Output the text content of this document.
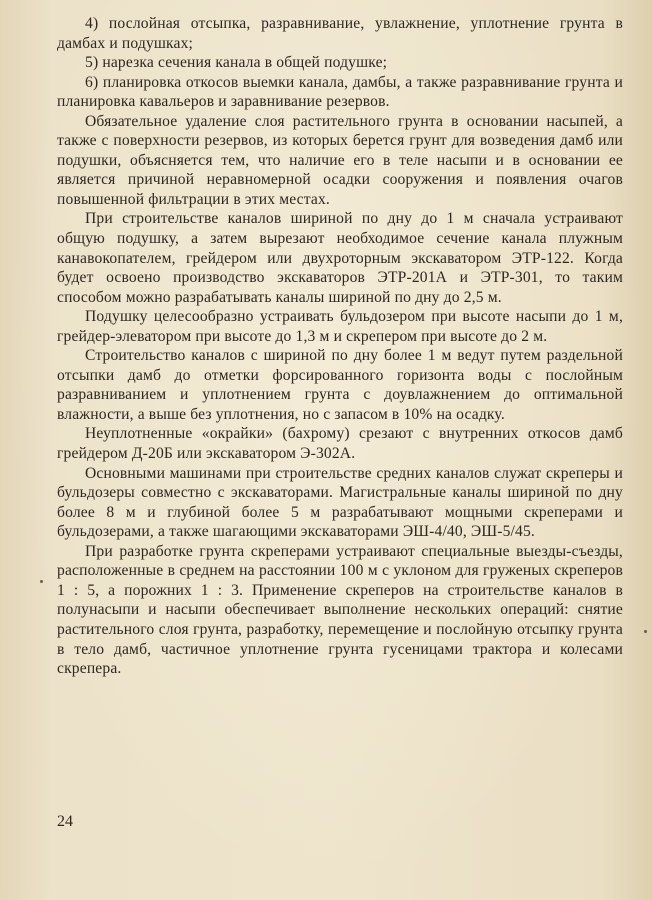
4) послойная отсыпка, разравнивание, увлажнение, уплотнение грунта в дамбах и подушках;

5) нарезка сечения канала в общей подушке;

6) планировка откосов выемки канала, дамбы, а также разравнивание грунта и планировка кавальеров и заравнивание резервов.

Обязательное удаление слоя растительного грунта в основании насыпей, а также с поверхности резервов, из которых берется грунт для возведения дамб или подушки, объясняется тем, что наличие его в теле насыпи и в основании ее является причиной неравномерной осадки сооружения и появления очагов повышенной фильтрации в этих местах.

При строительстве каналов шириной по дну до 1 м сначала устраивают общую подушку, а затем вырезают необходимое сечение канала плужным канавокопателем, грейдером или двухроторным экскаватором ЭТР-122. Когда будет освоено производство экскаваторов ЭТР-201А и ЭТР-301, то таким способом можно разрабатывать каналы шириной по дну до 2,5 м.

Подушку целесообразно устраивать бульдозером при высоте насыпи до 1 м, грейдер-элеватором при высоте до 1,3 м и скрепером при высоте до 2 м.

Строительство каналов с шириной по дну более 1 м ведут путем раздельной отсыпки дамб до отметки форсированного горизонта воды с послойным разравниванием и уплотнением грунта с доувлажнением до оптимальной влажности, а выше без уплотнения, но с запасом в 10% на осадку.

Неуплотненные «окрайки» (бахрому) срезают с внутренних откосов дамб грейдером Д-20Б или экскаватором Э-302А.

Основными машинами при строительстве средних каналов служат скреперы и бульдозеры совместно с экскаваторами. Магистральные каналы шириной по дну более 8 м и глубиной более 5 м разрабатывают мощными скреперами и бульдозерами, а также шагающими экскаваторами ЭШ-4/40, ЭШ-5/45.

При разработке грунта скреперами устраивают специальные выезды-съезды, расположенные в среднем на расстоянии 100 м с уклоном для груженых скреперов 1 : 5, а порожних 1 : 3. Применение скреперов на строительстве каналов в полунасыпи и насыпи обеспечивает выполнение нескольких операций: снятие растительного слоя грунта, разработку, перемещение и послойную отсыпку грунта в тело дамб, частичное уплотнение грунта гусеницами трактора и колесами скрепера.

24
